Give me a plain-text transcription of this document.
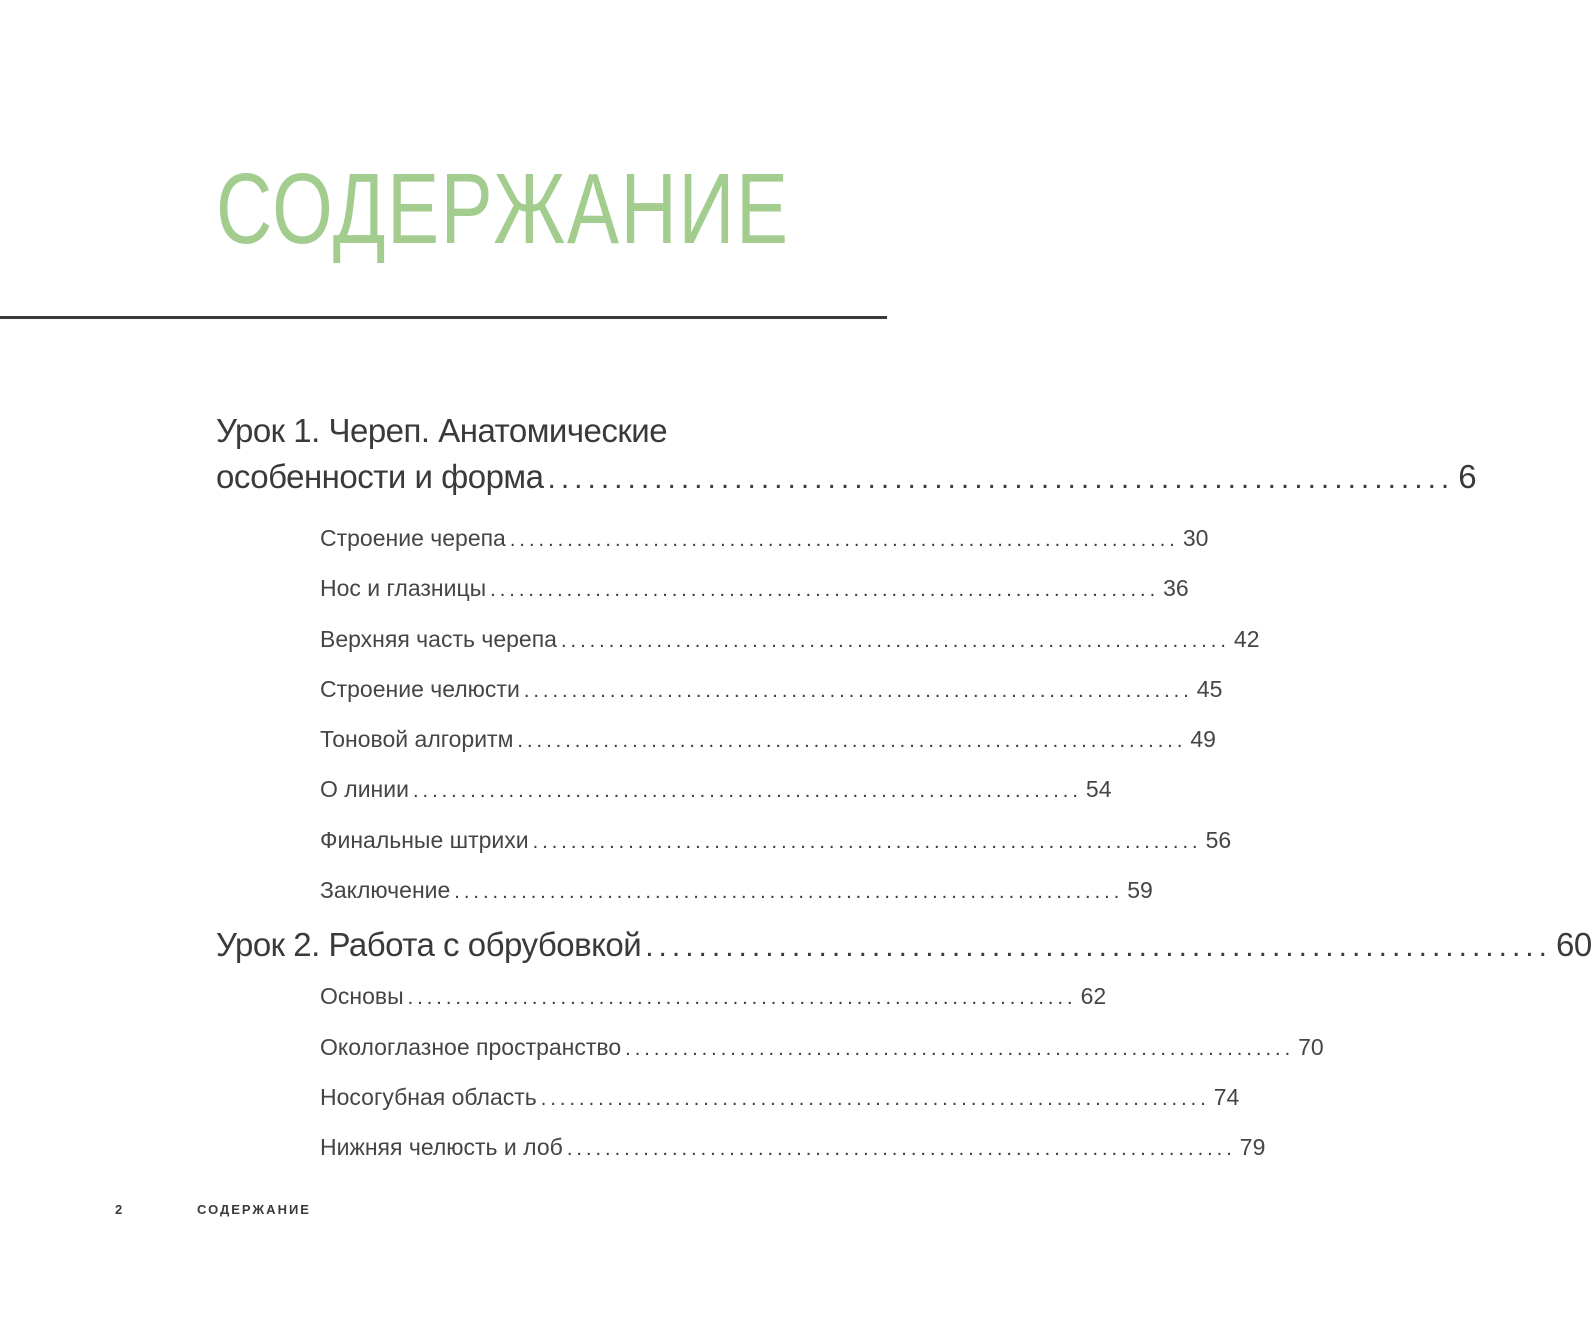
СОДЕРЖАНИЕ
Урок 1. Череп. Анатомические
особенности и форма .................................................................... 6
Строение черепа ...................................................................... 30
Нос и глазницы ...................................................................... 36
Верхняя часть черепа ...................................................................... 42
Строение челюсти ...................................................................... 45
Тоновой алгоритм ...................................................................... 49
О линии ...................................................................... 54
Финальные штрихи ...................................................................... 56
Заключение ...................................................................... 59
Урок 2. Работа с обрубовкой .................................................................... 60
Основы ...................................................................... 62
Окологлазное пространство ...................................................................... 70
Носогубная область ...................................................................... 74
Нижняя челюсть и лоб ...................................................................... 79
2	СОДЕРЖАНИЕ
